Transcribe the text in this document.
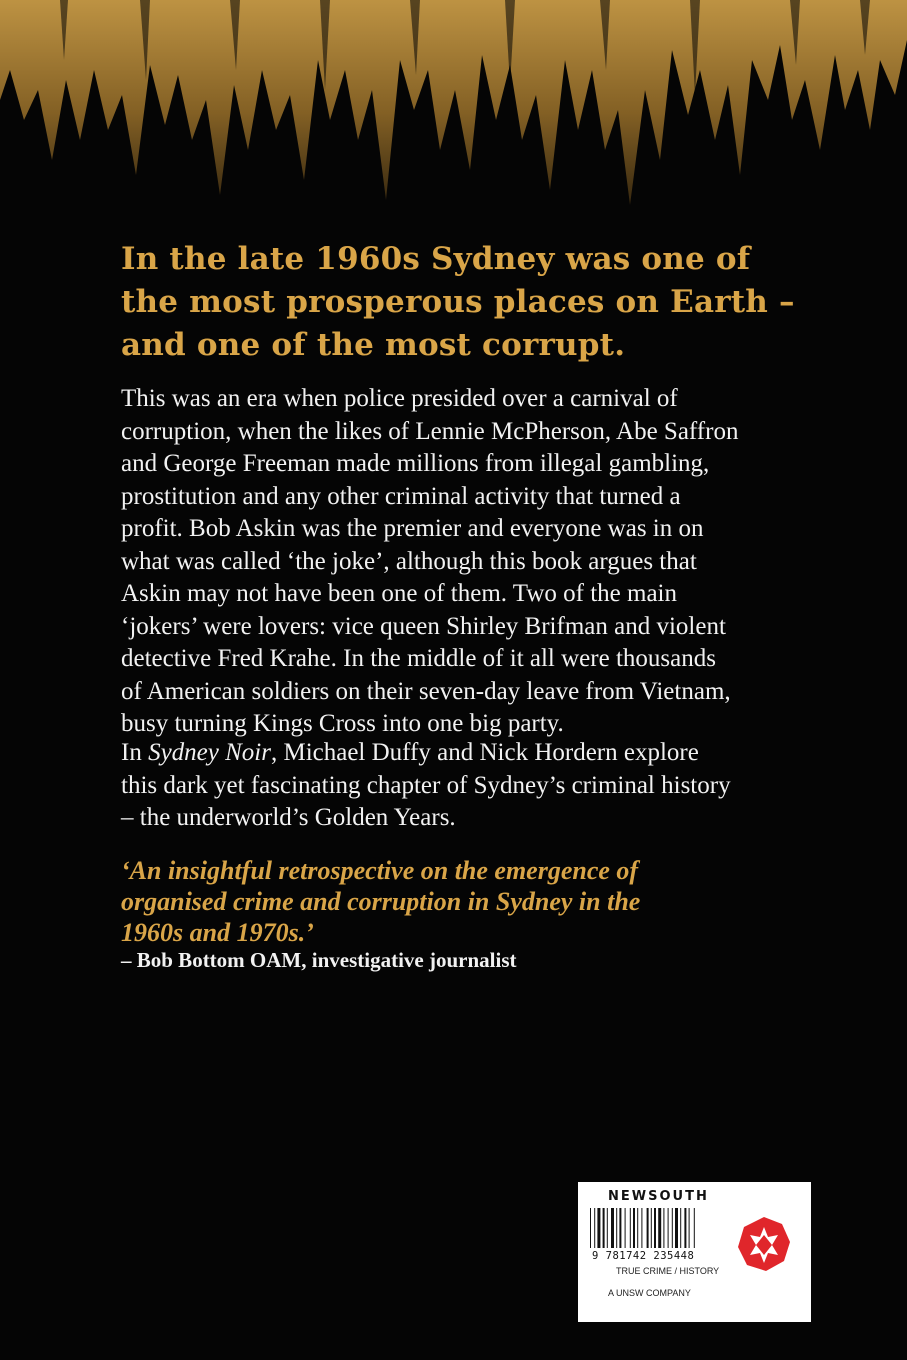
In the late 1960s Sydney was one of the most prosperous places on Earth – and one of the most corrupt.

This was an era when police presided over a carnival of
corruption, when the likes of Lennie McPherson, Abe Saffron
and George Freeman made millions from illegal gambling,
prostitution and any other criminal activity that turned a
profit. Bob Askin was the premier and everyone was in on
what was called ‘the joke’, although this book argues that
Askin may not have been one of them. Two of the main
‘jokers’ were lovers: vice queen Shirley Brifman and violent
detective Fred Krahe. In the middle of it all were thousands
of American soldiers on their seven-day leave from Vietnam,
busy turning Kings Cross into one big party.
In Sydney Noir, Michael Duffy and Nick Hordern explore
this dark yet fascinating chapter of Sydney’s criminal history
– the underworld’s Golden Years.
‘An insightful retrospective on the emergence of
organised crime and corruption in Sydney in the
1960s and 1970s.’

– Bob Bottom OAM, investigative journalist

NEWSOUTH
9 781742 235448
TRUE CRIME / HISTORY
A UNSW COMPANY
